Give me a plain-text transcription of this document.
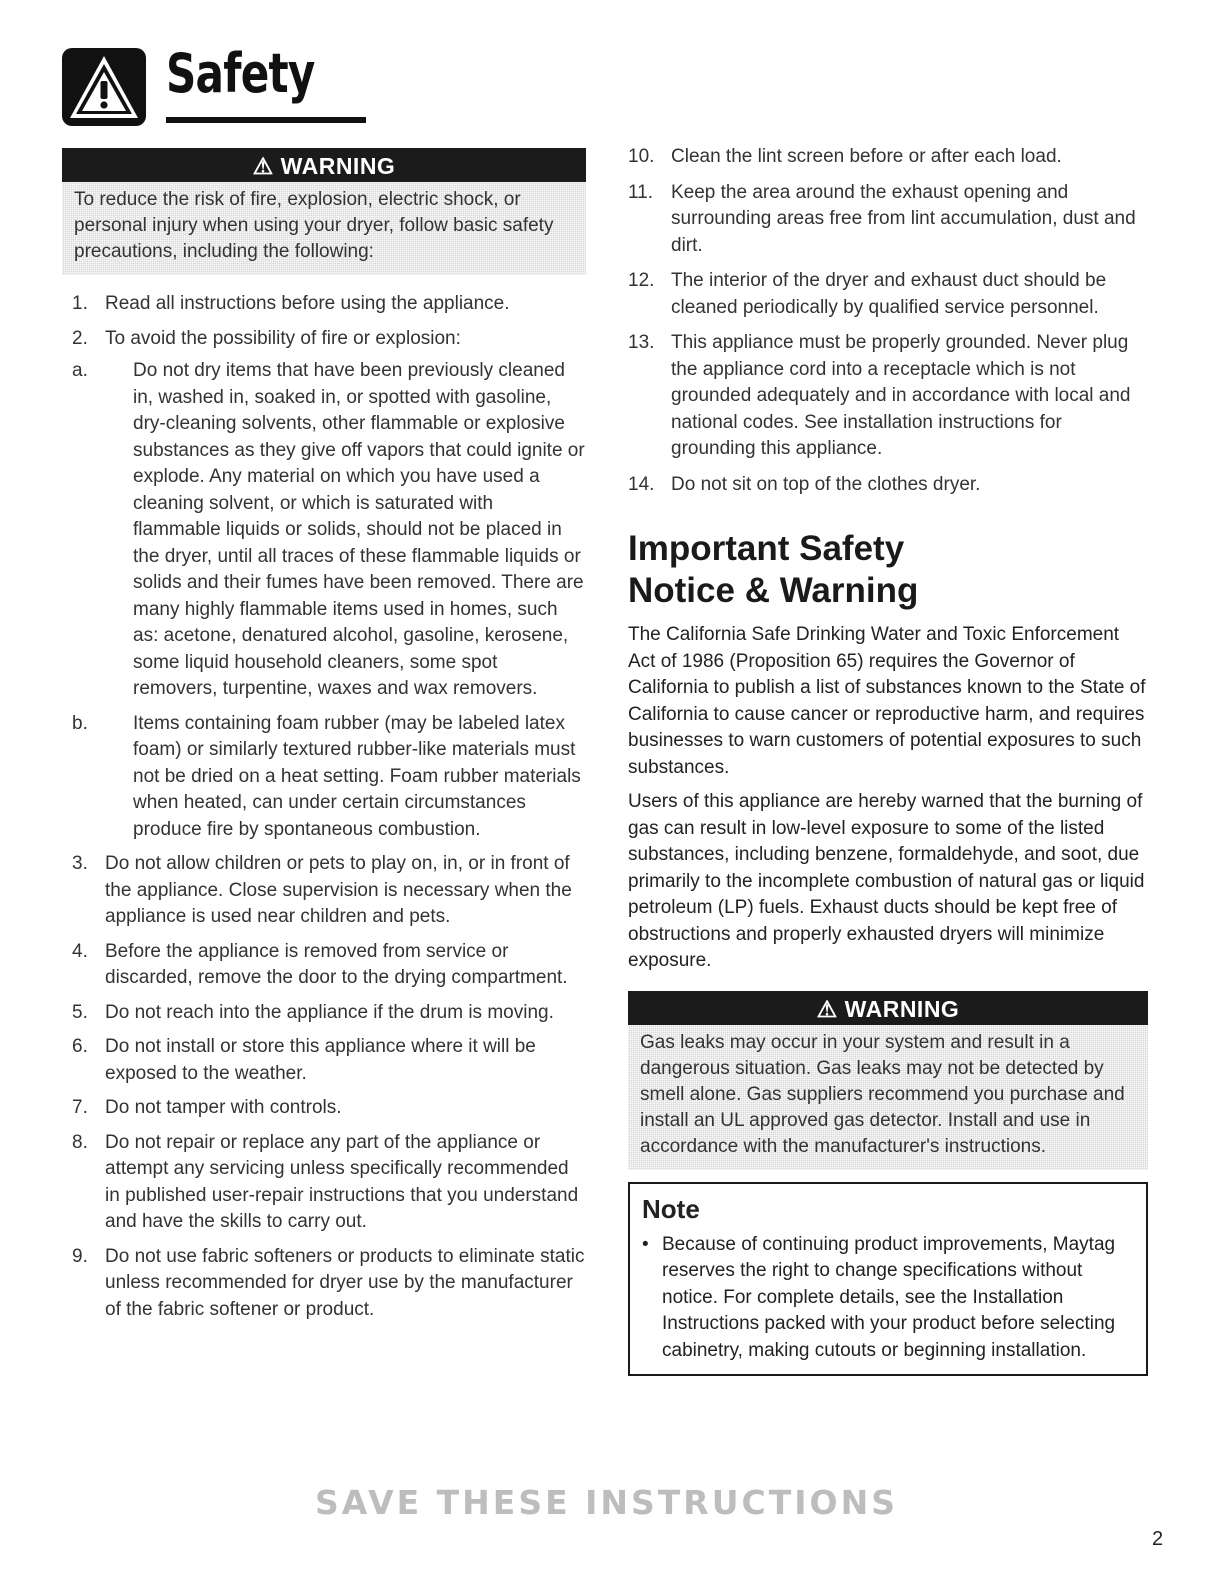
Safety
⚠ WARNING
To reduce the risk of fire, explosion, electric shock, or personal injury when using your dryer, follow basic safety precautions, including the following:
1. Read all instructions before using the appliance.
2. To avoid the possibility of fire or explosion:
a. Do not dry items that have been previously cleaned in, washed in, soaked in, or spotted with gasoline, dry-cleaning solvents, other flammable or explosive substances as they give off vapors that could ignite or explode. Any material on which you have used a cleaning solvent, or which is saturated with flammable liquids or solids, should not be placed in the dryer, until all traces of these flammable liquids or solids and their fumes have been removed. There are many highly flammable items used in homes, such as: acetone, denatured alcohol, gasoline, kerosene, some liquid household cleaners, some spot removers, turpentine, waxes and wax removers.
b. Items containing foam rubber (may be labeled latex foam) or similarly textured rubber-like materials must not be dried on a heat setting. Foam rubber materials when heated, can under certain circumstances produce fire by spontaneous combustion.
3. Do not allow children or pets to play on, in, or in front of the appliance. Close supervision is necessary when the appliance is used near children and pets.
4. Before the appliance is removed from service or discarded, remove the door to the drying compartment.
5. Do not reach into the appliance if the drum is moving.
6. Do not install or store this appliance where it will be exposed to the weather.
7. Do not tamper with controls.
8. Do not repair or replace any part of the appliance or attempt any servicing unless specifically recommended in published user-repair instructions that you understand and have the skills to carry out.
9. Do not use fabric softeners or products to eliminate static unless recommended for dryer use by the manufacturer of the fabric softener or product.
10. Clean the lint screen before or after each load.
11. Keep the area around the exhaust opening and surrounding areas free from lint accumulation, dust and dirt.
12. The interior of the dryer and exhaust duct should be cleaned periodically by qualified service personnel.
13. This appliance must be properly grounded. Never plug the appliance cord into a receptacle which is not grounded adequately and in accordance with local and national codes. See installation instructions for grounding this appliance.
14. Do not sit on top of the clothes dryer.
Important Safety
Notice & Warning

The California Safe Drinking Water and Toxic Enforcement Act of 1986 (Proposition 65) requires the Governor of California to publish a list of substances known to the State of California to cause cancer or reproductive harm, and requires businesses to warn customers of potential exposures to such substances.

Users of this appliance are hereby warned that the burning of gas can result in low-level exposure to some of the listed substances, including benzene, formaldehyde, and soot, due primarily to the incomplete combustion of natural gas or liquid petroleum (LP) fuels. Exhaust ducts should be kept free of obstructions and properly exhausted dryers will minimize exposure.

⚠ WARNING
Gas leaks may occur in your system and result in a dangerous situation. Gas leaks may not be detected by smell alone. Gas suppliers recommend you purchase and install an UL approved gas detector. Install and use in accordance with the manufacturer's instructions.
Note
• Because of continuing product improvements, Maytag reserves the right to change specifications without notice. For complete details, see the Installation Instructions packed with your product before selecting cabinetry, making cutouts or beginning installation.
SAVE THESE INSTRUCTIONS
2
